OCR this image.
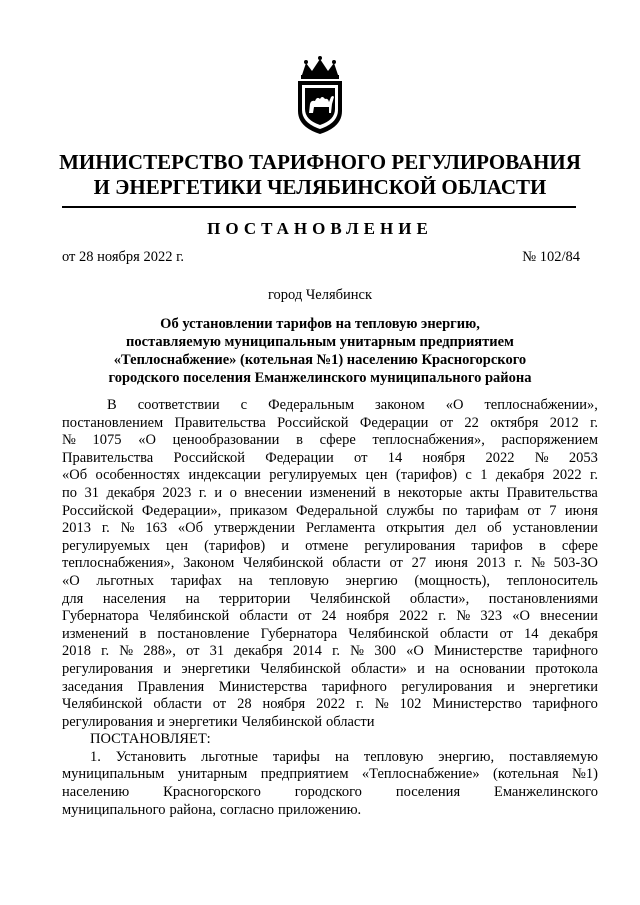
МИНИСТЕРСТВО ТАРИФНОГО РЕГУЛИРОВАНИЯ
И ЭНЕРГЕТИКИ ЧЕЛЯБИНСКОЙ ОБЛАСТИ
ПОСТАНОВЛЕНИЕ
от 28 ноября 2022 г.	№ 102/84
город Челябинск
Об установлении тарифов на тепловую энергию,
поставляемую муниципальным унитарным предприятием
«Теплоснабжение» (котельная №1) населению Красногорского
городского поселения Еманжелинского муниципального района
В соответствии с Федеральным законом «О теплоснабжении»,
постановлением Правительства Российской Федерации от 22 октября 2012 г.
№ 1075 «О ценообразовании в сфере теплоснабжения», распоряжением
Правительства Российской Федерации от 14 ноября 2022 № 2053
«Об особенностях индексации регулируемых цен (тарифов) с 1 декабря 2022 г.
по 31 декабря 2023 г. и о внесении изменений в некоторые акты Правительства
Российской Федерации», приказом Федеральной службы по тарифам от 7 июня
2013 г. № 163 «Об утверждении Регламента открытия дел об установлении
регулируемых цен (тарифов) и отмене регулирования тарифов в сфере
теплоснабжения», Законом Челябинской области от 27 июня 2013 г. № 503-ЗО
«О льготных тарифах на тепловую энергию (мощность), теплоноситель
для населения на территории Челябинской области», постановлениями
Губернатора Челябинской области от 24 ноября 2022 г. № 323 «О внесении
изменений в постановление Губернатора Челябинской области от 14 декабря
2018 г. № 288», от 31 декабря 2014 г. № 300 «О Министерстве тарифного
регулирования и энергетики Челябинской области» и на основании протокола
заседания Правления Министерства тарифного регулирования и энергетики
Челябинской области от 28 ноября 2022 г. № 102 Министерство тарифного
регулирования и энергетики Челябинской области
ПОСТАНОВЛЯЕТ:
1. Установить льготные тарифы на тепловую энергию, поставляемую
муниципальным унитарным предприятием «Теплоснабжение» (котельная №1)
населению Красногорского городского поселения Еманжелинского
муниципального района, согласно приложению.
